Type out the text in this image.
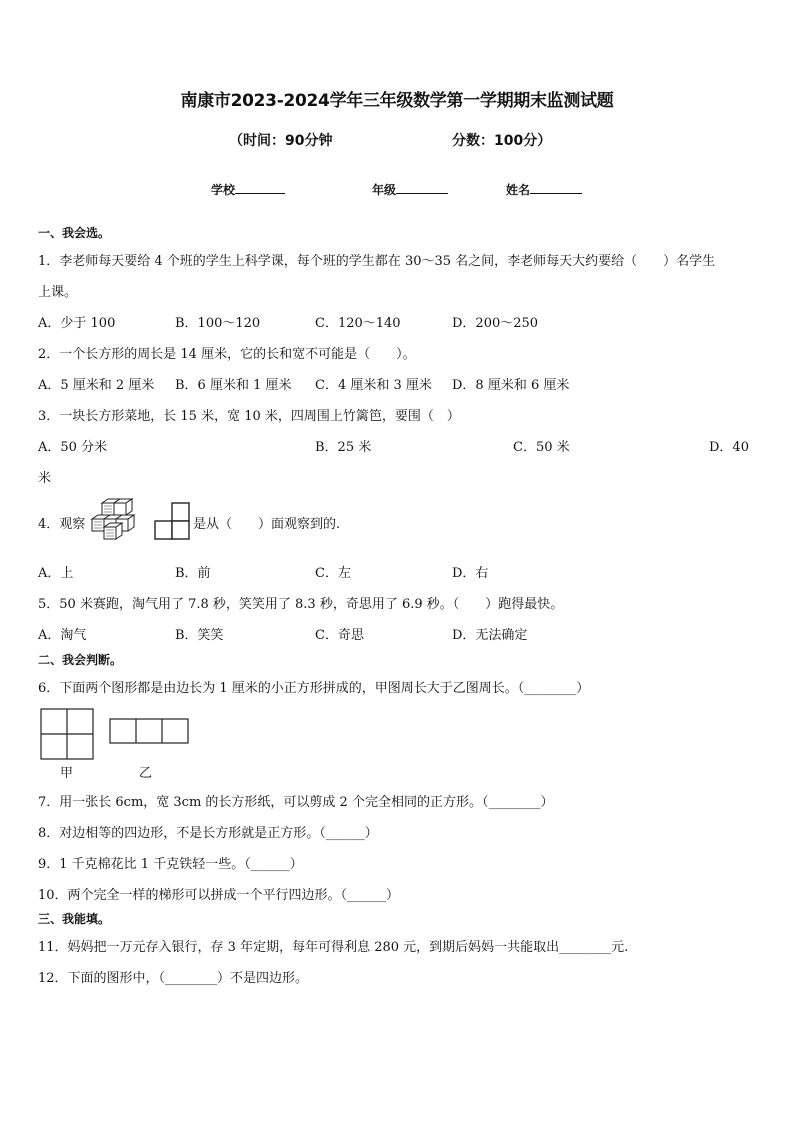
南康市2023-2024学年三年级数学第一学期期末监测试题
（时间：90分钟	分数：100分）
学校	年级	姓名
一、我会选。
1．李老师每天要给 4 个班的学生上科学课，每个班的学生都在 30～35 名之间，李老师每天大约要给（　　）名学生
上课。
A．少于 100	B．100～120	C．120～140	D．200～250
2．一个长方形的周长是 14 厘米，它的长和宽不可能是（　　）。
A．5 厘米和 2 厘米 B．6 厘米和 1 厘米 C．4 厘米和 3 厘米 D．8 厘米和 6 厘米
3．一块长方形菜地，长 15 米，宽 10 米，四周围上竹篱笆，要围（　）
A．50 分米	B．25 米	C．50 米	D．40
米
4．观察	是从（　　）面观察到的.
A．上	B．前	C．左	D．右
5．50 米赛跑，淘气用了 7.8 秒，笑笑用了 8.3 秒，奇思用了 6.9 秒。（　　）跑得最快。
A．淘气	B．笑笑	C．奇思	D．无法确定
二、我会判断。
6．下面两个图形都是由边长为 1 厘米的小正方形拼成的，甲图周长大于乙图周长。（________）
甲	乙
7．用一张长 6cm，宽 3cm 的长方形纸，可以剪成 2 个完全相同的正方形。（________）
8．对边相等的四边形，不是长方形就是正方形。（______）
9．1 千克棉花比 1 千克铁轻一些。（______）
10．两个完全一样的梯形可以拼成一个平行四边形。（______）
三、我能填。
11．妈妈把一万元存入银行，存 3 年定期，每年可得利息 280 元，到期后妈妈一共能取出________元.
12．下面的图形中，（________）不是四边形。
